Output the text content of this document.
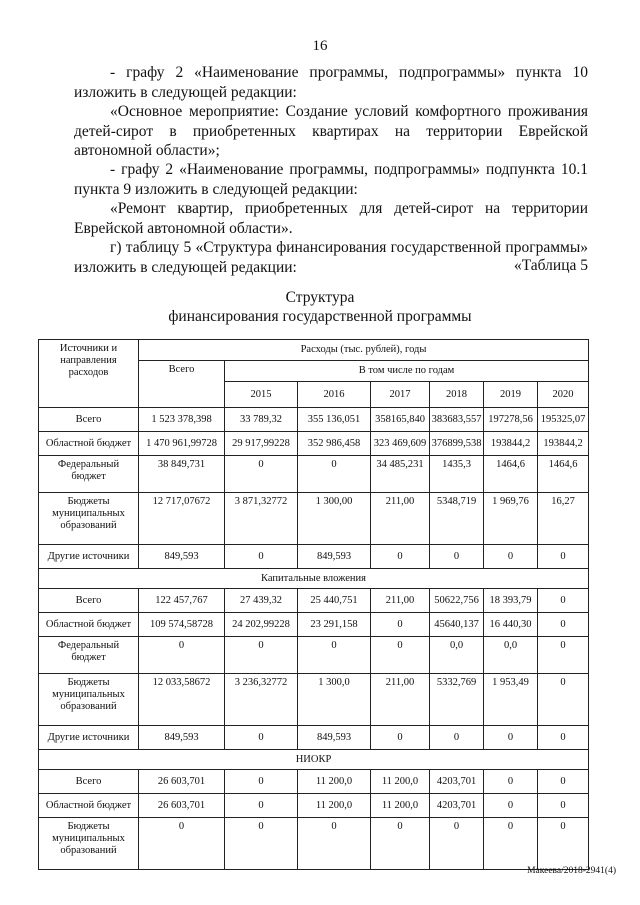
16
- графу 2 «Наименование программы, подпрограммы» пункта 10 изложить в следующей редакции:
«Основное мероприятие: Создание условий комфортного проживания детей-сирот в приобретенных квартирах на территории Еврейской автономной области»;
- графу 2 «Наименование программы, подпрограммы» подпункта 10.1 пункта 9 изложить в следующей редакции:
«Ремонт квартир, приобретенных для детей-сирот на территории Еврейской автономной области».
г) таблицу 5 «Структура финансирования государственной программы» изложить в следующей редакции:	«Таблица 5
Структура
финансирования государственной программы
Источники и направления расходов	Расходы (тыс. рублей), годы						
	Всего	В том числе по годам					
		2015	2016	2017	2018	2019	2020
Всего	1 523 378,398	33 789,32	355 136,051	358165,840	383683,557	197278,56	195325,07
Областной бюджет	1 470 961,99728	29 917,99228	352 986,458	323 469,609	376899,538	193844,2	193844,2
Федеральный бюджет	38 849,731	0	0	34 485,231	1435,3	1464,6	1464,6
Бюджеты муниципальных образований	12 717,07672	3 871,32772	1 300,00	211,00	5348,719	1 969,76	16,27
Другие источники	849,593	0	849,593	0	0	0	0
Капитальные вложения							
Всего	122 457,767	27 439,32	25 440,751	211,00	50622,756	18 393,79	0
Областной бюджет	109 574,58728	24 202,99228	23 291,158	0	45640,137	16 440,30	0
Федеральный бюджет	0	0	0	0	0,0	0,0	0
Бюджеты муниципальных образований	12 033,58672	3 236,32772	1 300,0	211,00	5332,769	1 953,49	0
Другие источники	849,593	0	849,593	0	0	0	0
НИОКР							
Всего	26 603,701	0	11 200,0	11 200,0	4203,701	0	0
Областной бюджет	26 603,701	0	11 200,0	11 200,0	4203,701	0	0
Бюджеты муниципальных образований	0	0	0	0	0	0	0
Макеева/2018-2941(4)
